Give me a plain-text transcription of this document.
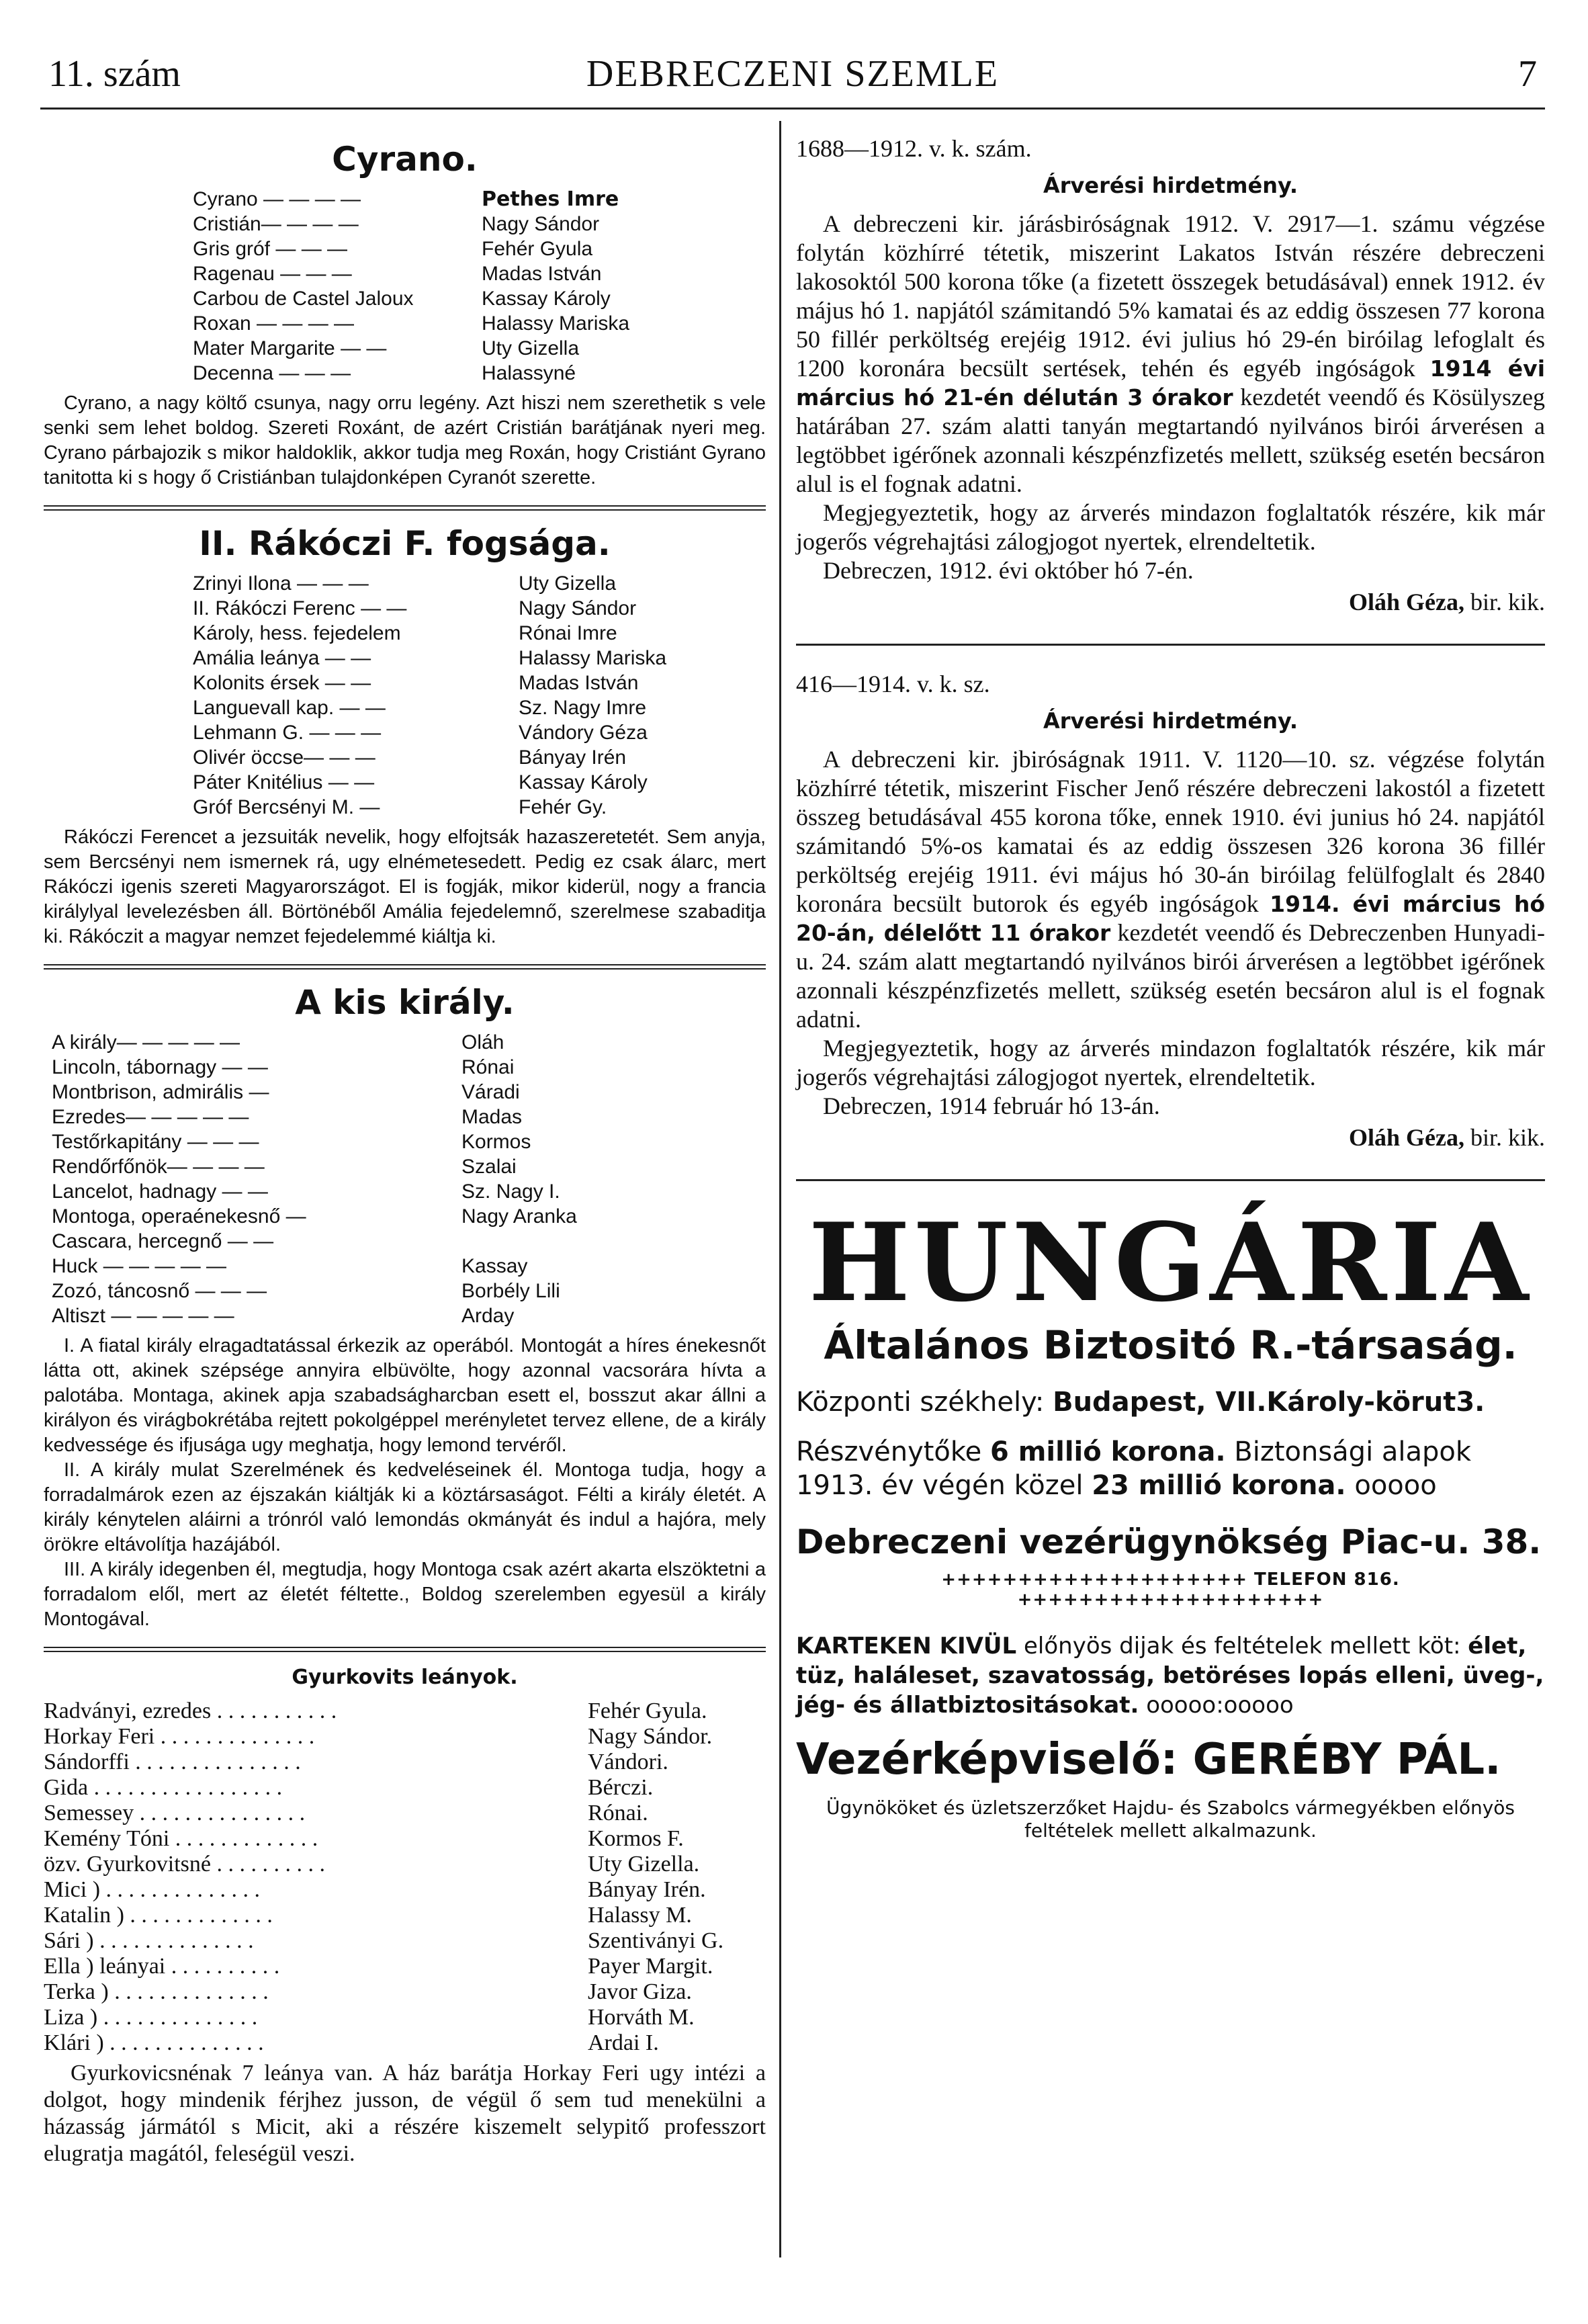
11. szám	DEBRECZENI SZEMLE	7
Cyrano.
Cyrano — — — —	Pethes Imre
Cristián— — — —	Nagy Sándor
Gris gróf — — —	Fehér Gyula
Ragenau — — —	Madas István
Carbou de Castel Jaloux	Kassay Károly
Roxan — — — —	Halassy Mariska
Mater Margarite — —	Uty Gizella
Decenna — — —	Halassyné

Cyrano, a nagy költő csunya, nagy orru legény. Azt hiszi nem szerethetik s vele senki sem lehet boldog. Szereti Roxánt, de azért Cristián barátjának nyeri meg. Cyrano párbajozik s mikor haldoklik, akkor tudja meg Roxán, hogy Cristiánt Gyrano tanitotta ki s hogy ő Cristiánban tulajdonképen Cyranót szerette.

II. Rákóczi F. fogsága.
Zrinyi Ilona — — —	Uty Gizella
II. Rákóczi Ferenc — —	Nagy Sándor
Károly, hess. fejedelem	Rónai Imre
Amália leánya — —	Halassy Mariska
Kolonits érsek — —	Madas István
Languevall kap. — —	Sz. Nagy Imre
Lehmann G. — — —	Vándory Géza
Olivér öccse— — —	Bányay Irén
Páter Knitélius — —	Kassay Károly
Gróf Bercsényi M. —	Fehér Gy.

Rákóczi Ferencet a jezsuiták nevelik, hogy elfojtsák hazaszeretetét. Sem anyja, sem Bercsényi nem ismernek rá, ugy elnémetesedett. Pedig ez csak álarc, mert Rákóczi igenis szereti Magyarországot. El is fogják, mikor kiderül, nogy a francia királylyal levelezésben áll. Börtönéből Amália fejedelemnő, szerelmese szabaditja ki. Rákóczit a magyar nemzet fejedelemmé kiáltja ki.

A kis király.
A király— — — — —	Oláh
Lincoln, tábornagy — —	Rónai
Montbrison, admirális —	Váradi
Ezredes— — — — —	Madas
Testőrkapitány — — —	Kormos
Rendőrfőnök— — — —	Szalai
Lancelot, hadnagy — —	Sz. Nagy I.
Montoga, operaénekesnő —	Nagy Aranka
Cascara, hercegnő — —
Huck — — — — —	Kassay
Zozó, táncosnő — — —	Borbély Lili
Altiszt — — — — —	Arday

I. A fiatal király elragadtatással érkezik az operából. Montogát a híres énekesnőt látta ott, akinek szépsége annyira elbüvölte, hogy azonnal vacsorára hívta a palotába. Montaga, akinek apja szabadságharcban esett el, bosszut akar állni a királyon és virágbokrétába rejtett pokolgéppel merényletet tervez ellene, de a király kedvessége és ifjusága ugy meghatja, hogy lemond tervéről.

II. A király mulat Szerelmének és kedveléseinek él. Montoga tudja, hogy a forradalmárok ezen az éjszakán kiáltják ki a köztársaságot. Félti a király életét. A király kénytelen aláirni a trónról való lemondás okmányát és indul a hajóra, mely örökre eltávolítja hazájából.

III. A király idegenben él, megtudja, hogy Montoga csak azért akarta elszöktetni a forradalom elől, mert az életét féltette., Boldog szerelemben egyesül a király Montogával.

Gyurkovits leányok.
Radványi, ezredes . . . . . . . . . . .	Fehér Gyula.
Horkay Feri . . . . . . . . . . . . . .	Nagy Sándor.
Sándorffi . . . . . . . . . . . . . . .	Vándori.
Gida . . . . . . . . . . . . . . . . .	Bérczi.
Semessey . . . . . . . . . . . . . . .	Rónai.
Kemény Tóni . . . . . . . . . . . . .	Kormos F.
özv. Gyurkovitsné . . . . . . . . . .	Uty Gizella.
Mici ) . . . . . . . . . . . . . .	Bányay Irén.
Katalin ) . . . . . . . . . . . . .	Halassy M.
Sári ) . . . . . . . . . . . . . .	Szentiványi G.
Ella ) leányai . . . . . . . . . .	Payer Margit.
Terka ) . . . . . . . . . . . . . .	Javor Giza.
Liza ) . . . . . . . . . . . . . .	Horváth M.
Klári ) . . . . . . . . . . . . . .	Ardai I.

Gyurkovicsnénak 7 leánya van. A ház barátja Horkay Feri ugy intézi a dolgot, hogy mindenik férjhez jusson, de végül ő sem tud menekülni a házasság jármától s Micit, aki a részére kiszemelt selypitő professzort elugratja magától, feleségül veszi.

1688—1912. v. k. szám.

Árverési hirdetmény.

A debreczeni kir. járásbiróságnak 1912. V. 2917—1. számu végzése folytán közhírré tétetik, miszerint Lakatos István részére debreczeni lakosoktól 500 korona tőke (a fizetett összegek betudásával) ennek 1912. év május hó 1. napjától számitandó 5% kamatai és az eddig összesen 77 korona 50 fillér perköltség erejéig 1912. évi julius hó 29-én biróilag lefoglalt és 1200 koronára becsült sertések, tehén és egyéb ingóságok 1914 évi március hó 21-én délután 3 órakor kezdetét veendő és Kösülyszeg határában 27. szám alatti tanyán megtartandó nyilvános birói árverésen a legtöbbet igérőnek azonnali készpénzfizetés mellett, szükség esetén becsáron alul is el fognak adatni.

Megjegyeztetik, hogy az árverés mindazon foglaltatók részére, kik már jogerős végrehajtási zálogjogot nyertek, elrendeltetik.

Debreczen, 1912. évi október hó 7-én.

Oláh Géza, bir. kik.

416—1914. v. k. sz.

Árverési hirdetmény.

A debreczeni kir. jbiróságnak 1911. V. 1120—10. sz. végzése folytán közhírré tétetik, miszerint Fischer Jenő részére debreczeni lakostól a fizetett összeg betudásával 455 korona tőke, ennek 1910. évi junius hó 24. napjától számitandó 5%-os kamatai és az eddig összesen 326 korona 36 fillér perköltség erejéig 1911. évi május hó 30-án biróilag felülfoglalt és 2840 koronára becsült butorok és egyéb ingóságok 1914. évi március hó 20-án, délelőtt 11 órakor kezdetét veendő és Debreczenben Hunyadi-u. 24. szám alatt megtartandó nyilvános birói árverésen a legtöbbet igérőnek azonnali készpénzfizetés mellett, szükség esetén becsáron alul is el fognak adatni.

Megjegyeztetik, hogy az árverés mindazon foglaltatók részére, kik már jogerős végrehajtási zálogjogot nyertek, elrendeltetik.

Debreczen, 1914 február hó 13-án.

Oláh Géza, bir. kik.

HUNGÁRIA
Általános Biztositó R.-társaság.
Központi székhely: Budapest, VII.Károly-körut3.
Részvénytőke 6 millió korona. Biztonsági alapok 1913. év végén közel 23 millió korona. ooooo
Debreczeni vezérügynökség Piac-u. 38.
++++++++++++++++++++ TELEFON 816. ++++++++++++++++++++
KARTEKEN KIVÜL előnyös dijak és feltételek mellett köt: élet, tüz, haláleset, szavatosság, betöréses lopás elleni, üveg-, jég- és állatbiztositásokat. ooooo:ooooo
Vezérképviselő: GERÉBY PÁL.
Ügynököket és üzletszerzőket Hajdu- és Szabolcs vármegyékben előnyös feltételek mellett alkalmazunk.
